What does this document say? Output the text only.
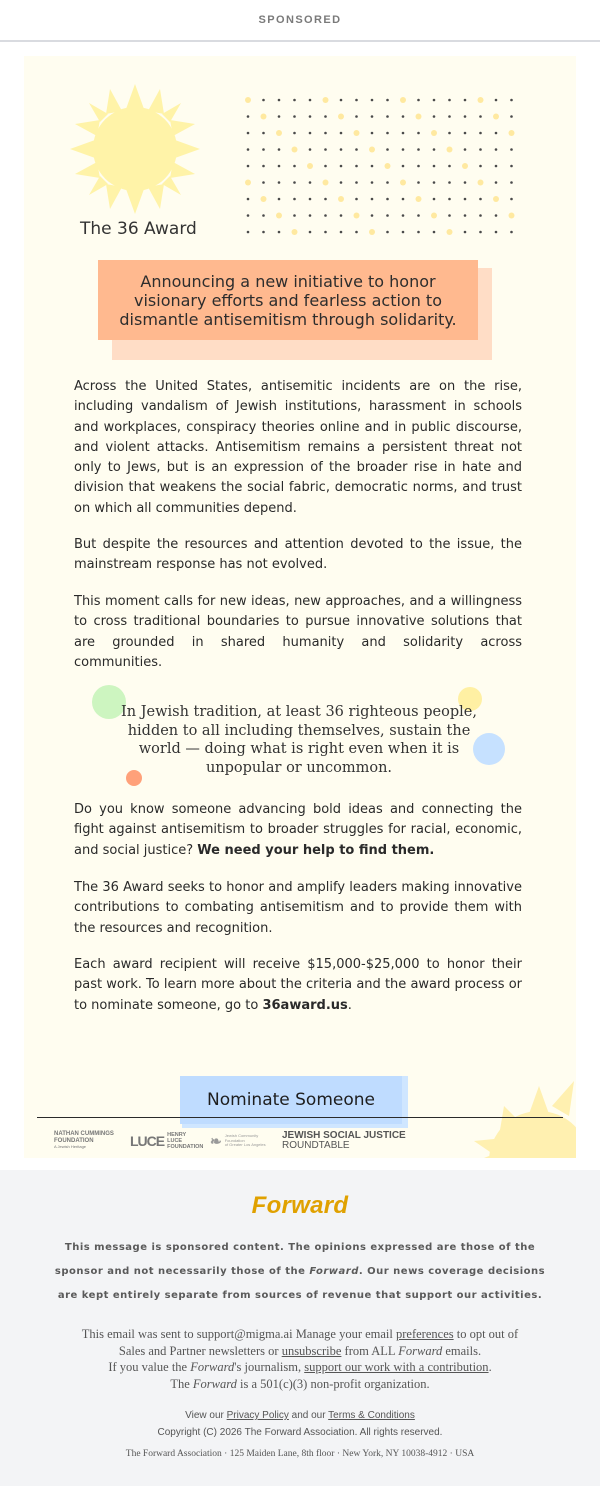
SPONSORED
The 36 Award
Announcing a new initiative to honor visionary efforts and fearless action to dismantle antisemitism through solidarity.
Across the United States, antisemitic incidents are on the rise, including vandalism of Jewish institutions, harassment in schools and workplaces, conspiracy theories online and in public discourse, and violent attacks. Antisemitism remains a persistent threat not only to Jews, but is an expression of the broader rise in hate and division that weakens the social fabric, democratic norms, and trust on which all communities depend.
But despite the resources and attention devoted to the issue, the mainstream response has not evolved.
This moment calls for new ideas, new approaches, and a willingness to cross traditional boundaries to pursue innovative solutions that are grounded in shared humanity and solidarity across communities.
In Jewish tradition, at least 36 righteous people, hidden to all including themselves, sustain the world — doing what is right even when it is unpopular or uncommon.
Do you know someone advancing bold ideas and connecting the fight against antisemitism to broader struggles for racial, economic, and social justice? We need your help to find them.
The 36 Award seeks to honor and amplify leaders making innovative contributions to combating antisemitism and to provide them with the resources and recognition.
Each award recipient will receive $15,000-$25,000 to honor their past work. To learn more about the criteria and the award process or to nominate someone, go to 36award.us.
Nominate Someone
NATHAN CUMMINGS
FOUNDATION
A Jewish Heritage	LUCE HENRY
LUCE
FOUNDATION ❧ Jewish Community
Foundation
of Greater Los Angeles
JEWISH SOCIAL JUSTICE
ROUNDTABLE
Forward
This message is sponsored content. The opinions expressed are those of the sponsor and not necessarily those of the Forward. Our news coverage decisions are kept entirely separate from sources of revenue that support our activities.
This email was sent to support@migma.ai Manage your email preferences to opt out of Sales and Partner newsletters or unsubscribe from ALL Forward emails.
If you value the Forward's journalism, support our work with a contribution.
The Forward is a 501(c)(3) non-profit organization.
View our Privacy Policy and our Terms & Conditions
Copyright (C) 2026 The Forward Association. All rights reserved.
The Forward Association · 125 Maiden Lane, 8th floor · New York, NY 10038-4912 · USA
